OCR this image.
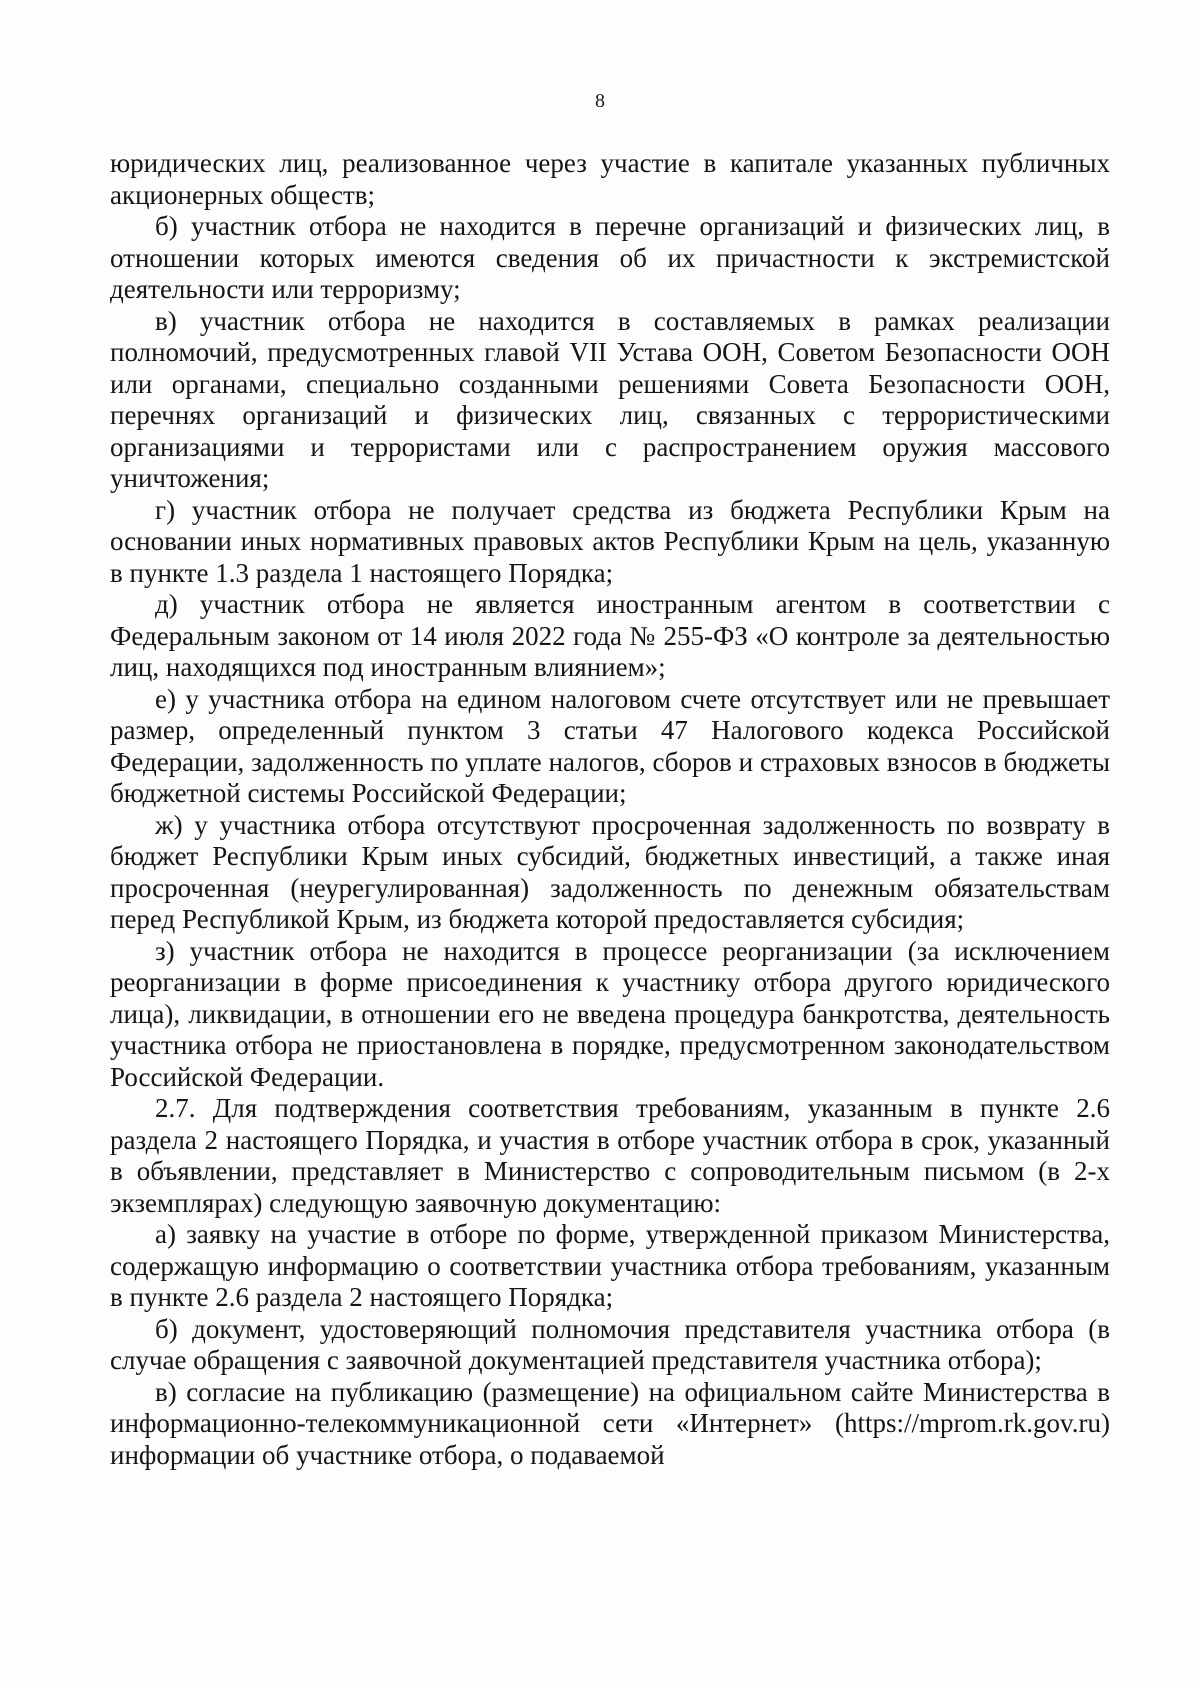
8

юридических лиц, реализованное через участие в капитале указанных публичных акционерных обществ;

б) участник отбора не находится в перечне организаций и физических лиц, в отношении которых имеются сведения об их причастности к экстремистской деятельности или терроризму;

в) участник отбора не находится в составляемых в рамках реализации полномочий, предусмотренных главой VII Устава ООН, Советом Безопасности ООН или органами, специально созданными решениями Совета Безопасности ООН, перечнях организаций и физических лиц, связанных с террористическими организациями и террористами или с распространением оружия массового уничтожения;

г) участник отбора не получает средства из бюджета Республики Крым на основании иных нормативных правовых актов Республики Крым на цель, указанную в пункте 1.3 раздела 1 настоящего Порядка;

д) участник отбора не является иностранным агентом в соответствии с Федеральным законом от 14 июля 2022 года № 255-ФЗ «О контроле за деятельностью лиц, находящихся под иностранным влиянием»;

е) у участника отбора на едином налоговом счете отсутствует или не превышает размер, определенный пунктом 3 статьи 47 Налогового кодекса Российской Федерации, задолженность по уплате налогов, сборов и страховых взносов в бюджеты бюджетной системы Российской Федерации;

ж) у участника отбора отсутствуют просроченная задолженность по возврату в бюджет Республики Крым иных субсидий, бюджетных инвестиций, а также иная просроченная (неурегулированная) задолженность по денежным обязательствам перед Республикой Крым, из бюджета которой предоставляется субсидия;

з) участник отбора не находится в процессе реорганизации (за исключением реорганизации в форме присоединения к участнику отбора другого юридического лица), ликвидации, в отношении его не введена процедура банкротства, деятельность участника отбора не приостановлена в порядке, предусмотренном законодательством Российской Федерации.

2.7. Для подтверждения соответствия требованиям, указанным в пункте 2.6 раздела 2 настоящего Порядка, и участия в отборе участник отбора в срок, указанный в объявлении, представляет в Министерство с сопроводительным письмом (в 2-х экземплярах) следующую заявочную документацию:

а) заявку на участие в отборе по форме, утвержденной приказом Министерства, содержащую информацию о соответствии участника отбора требованиям, указанным в пункте 2.6 раздела 2 настоящего Порядка;

б) документ, удостоверяющий полномочия представителя участника отбора (в случае обращения с заявочной документацией представителя участника отбора);

в) согласие на публикацию (размещение) на официальном сайте Министерства в информационно-телекоммуникационной сети «Интернет» (https://mprom.rk.gov.ru) информации об участнике отбора, о подаваемой
